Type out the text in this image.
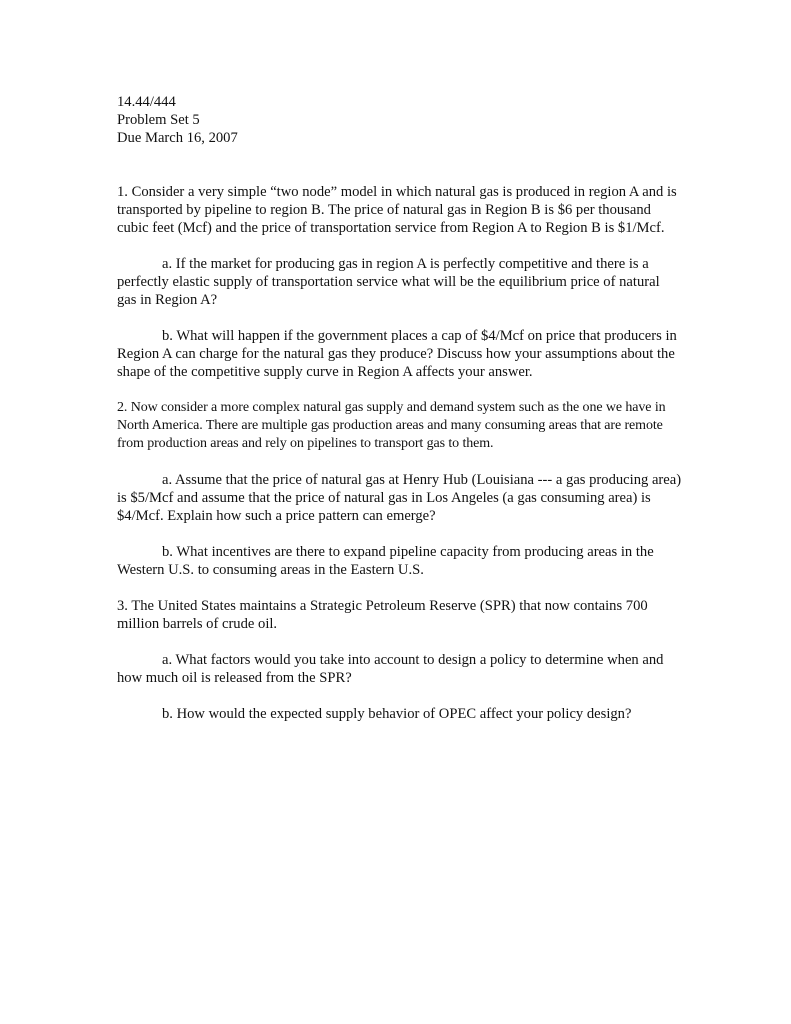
14.44/444

Problem Set 5

Due March 16, 2007

1. Consider a very simple “two node” model in which natural gas is produced in region A and is transported by pipeline to region B. The price of natural gas in Region B is $6 per thousand cubic feet (Mcf) and the price of transportation service from Region A to Region B is $1/Mcf.

a. If the market for producing gas in region A is perfectly competitive and there is a perfectly elastic supply of transportation service what will be the equilibrium price of natural gas in Region A?

b. What will happen if the government places a cap of $4/Mcf on price that producers in Region A can charge for the natural gas they produce? Discuss how your assumptions about the shape of the competitive supply curve in Region A affects your answer.

2. Now consider a more complex natural gas supply and demand system such as the one we have in North America. There are multiple gas production areas and many consuming areas that are remote from production areas and rely on pipelines to transport gas to them.

a. Assume that the price of natural gas at Henry Hub (Louisiana --- a gas producing area) is $5/Mcf and assume that the price of natural gas in Los Angeles (a gas consuming area) is $4/Mcf. Explain how such a price pattern can emerge?

b. What incentives are there to expand pipeline capacity from producing areas in the Western U.S. to consuming areas in the Eastern U.S.

3. The United States maintains a Strategic Petroleum Reserve (SPR) that now contains 700 million barrels of crude oil.

a. What factors would you take into account to design a policy to determine when and how much oil is released from the SPR?

b. How would the expected supply behavior of OPEC affect your policy design?
